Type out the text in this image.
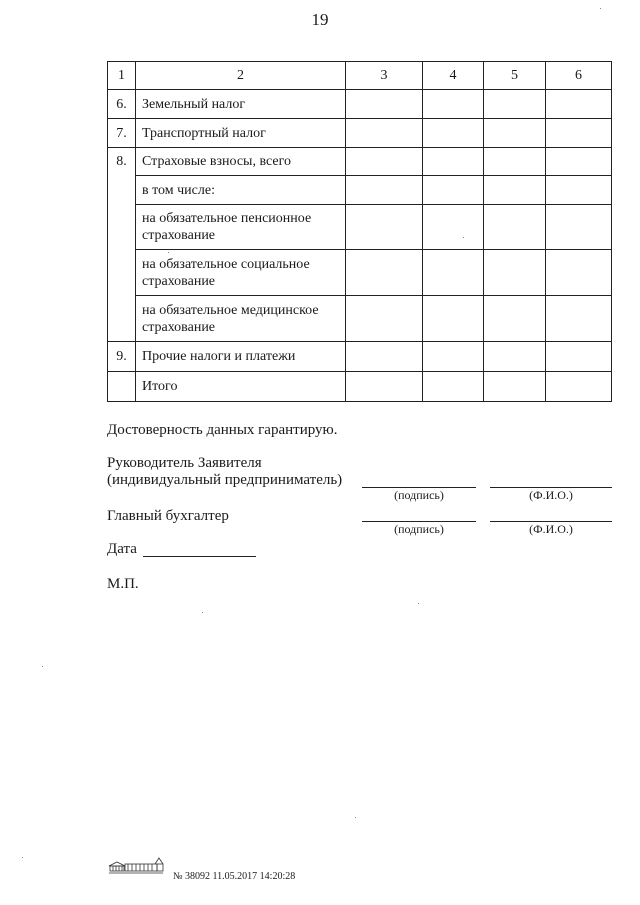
19
1	2	3	4	5	6
6.	Земельный налог				
7.	Транспортный налог				
8.	Страховые взносы, всего				
	в том числе:				
	на обязательное пенсионное страхование				
	на обязательное социальное страхование				
	на обязательное медицинское страхование				
9.	Прочие налоги и платежи				
	Итого				
Достоверность данных гарантирую.
Руководитель Заявителя
(индивидуальный предприниматель)
(подпись)	(Ф.И.О.)
Главный бухгалтер
(подпись)	(Ф.И.О.)
Дата
М.П.
№ 38092 11.05.2017 14:20:28
